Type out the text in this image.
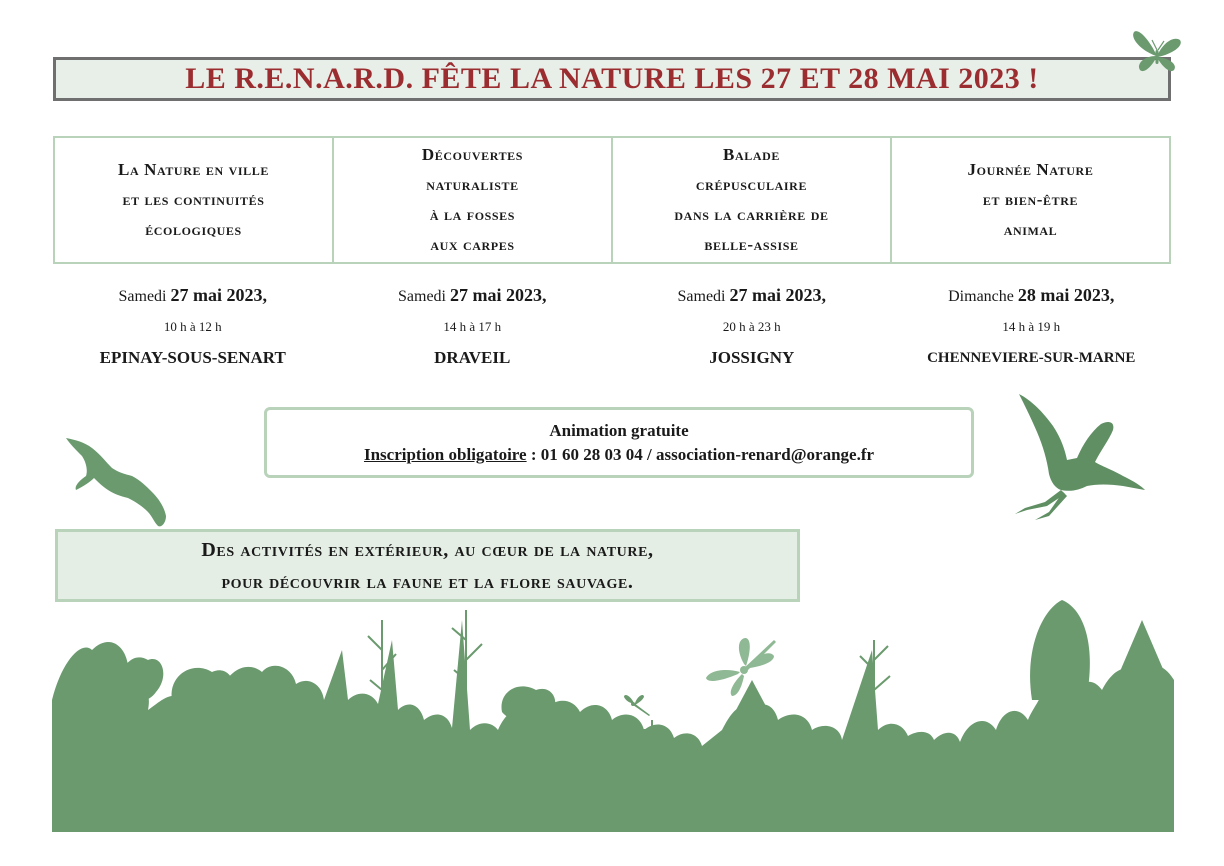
LE R.E.N.A.R.D. FÊTE LA NATURE LES 27 ET 28 MAI 2023 !
La Nature en ville
et les continuités
écologiques
Découvertes
naturaliste
à la fosses
aux carpes
Balade
crépusculaire
dans la carrière de
belle-assise
Journée Nature
et bien-être
animal
Samedi 27 mai 2023,
10 h à 12 h
EPINAY-SOUS-SENART
Samedi 27 mai 2023,
14 h à 17 h
DRAVEIL
Samedi 27 mai 2023,
20 h à 23 h
JOSSIGNY
Dimanche 28 mai 2023,
14 h à 19 h
CHENNEVIERE-SUR-MARNE
Animation gratuite
Inscription obligatoire : 01 60 28 03 04 / association-renard@orange.fr
Des activités en extérieur, au cœur de la nature,
pour découvrir la faune et la flore sauvage.
